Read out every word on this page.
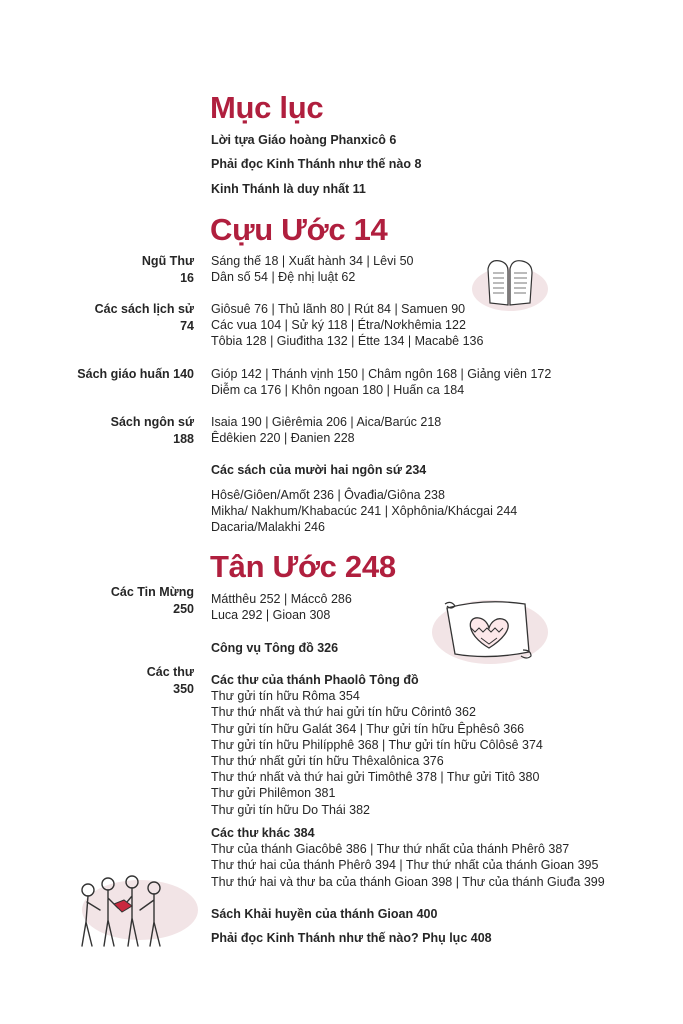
Mục lục
Lời tựa Giáo hoàng Phanxicô 6
Phải đọc Kinh Thánh như thế nào 8
Kinh Thánh là duy nhất 11
Cựu Ước 14
Ngũ Thư
16
Sáng thế 18 | Xuất hành 34 | Lêvi 50
Dân số 54 | Đệ nhị luật 62
Các sách lịch sử
74
Giôsuê 76 | Thủ lãnh 80 | Rút 84 | Samuen 90
Các vua 104 | Sử ký 118 | Étra/Nơkhêmia 122
Tôbia 128 | Giuđitha 132 | Étte 134 | Macabê 136
Sách giáo huấn 140 Gióp 142 | Thánh vịnh 150 | Châm ngôn 168 | Giảng viên 172
Diễm ca 176 | Khôn ngoan 180 | Huấn ca 184
Sách ngôn sứ
188
Isaia 190 | Giêrêmia 206 | Aica/Barúc 218
Êdêkien 220 | Đanien 228
Các sách của mười hai ngôn sứ 234
Hôsê/Giôen/Amốt 236 | Ôvađia/Giôna 238
Mikha/ Nakhum/Khabacúc 241 | Xôphônia/Khácgai 244
Dacaria/Malakhi 246
Tân Ước 248
Các Tin Mừng
250
Mátthêu 252 | Máccô 286
Luca 292 | Gioan 308
Công vụ Tông đồ 326
Các thư
350
Các thư của thánh Phaolô Tông đồ
Thư gửi tín hữu Rôma 354
Thư thứ nhất và thứ hai gửi tín hữu Côrintô 362
Thư gửi tín hữu Galát 364 | Thư gửi tín hữu Êphêsô 366
Thư gửi tín hữu Philípphê 368 | Thư gửi tín hữu Côlôsê 374
Thư thứ nhất gửi tín hữu Thêxalônica 376
Thư thứ nhất và thứ hai gửi Timôthê 378 | Thư gửi Titô 380
Thư gửi Philêmon 381
Thư gửi tín hữu Do Thái 382
Các thư khác 384
Thư của thánh Giacôbê 386 | Thư thứ nhất của thánh Phêrô 387
Thư thứ hai của thánh Phêrô 394 | Thư thứ nhất của thánh Gioan 395
Thư thứ hai và thư ba của thánh Gioan 398 | Thư của thánh Giuđa 399
Sách Khải huyền của thánh Gioan 400
Phải đọc Kinh Thánh như thế nào? Phụ lục 408
